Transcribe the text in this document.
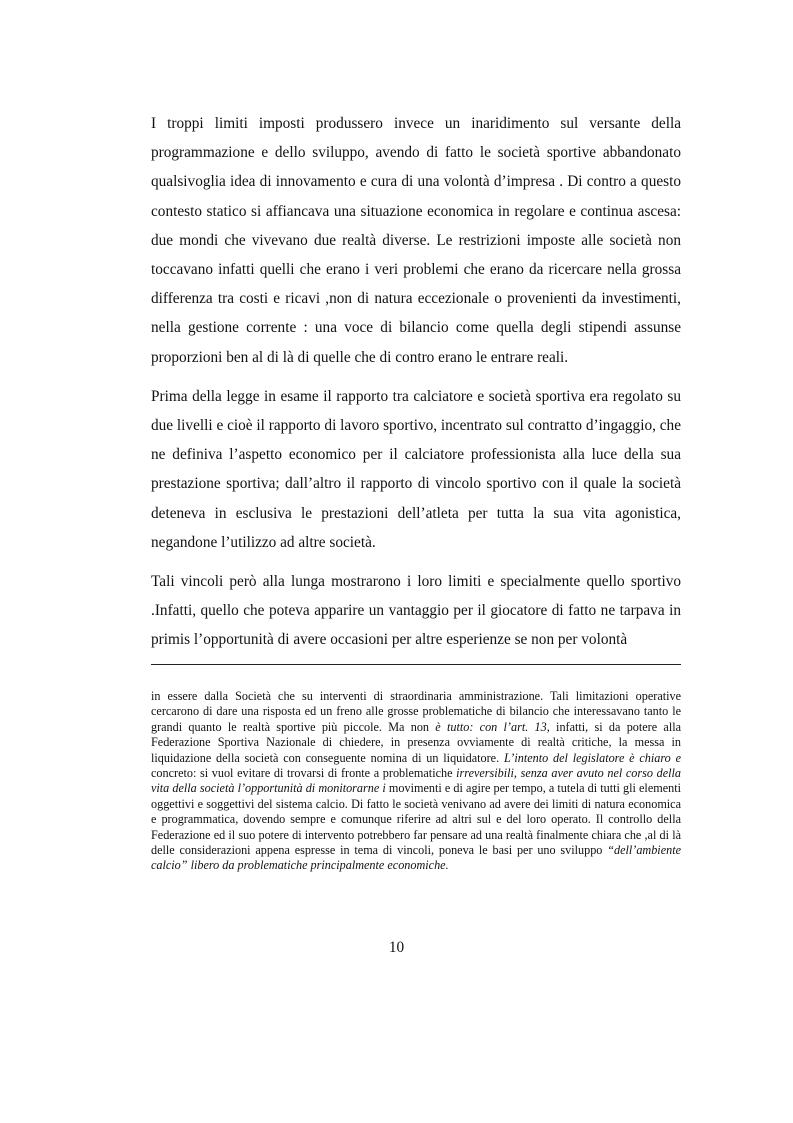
I troppi limiti imposti produssero invece un inaridimento sul versante della programmazione e dello sviluppo, avendo di fatto le società sportive abbandonato qualsivoglia idea di innovamento e cura di una volontà d’impresa . Di contro a questo contesto statico si affiancava una situazione economica in regolare e continua ascesa: due mondi che vivevano due realtà diverse. Le restrizioni imposte alle società non toccavano infatti quelli che erano i veri problemi che erano da ricercare nella grossa differenza tra costi e ricavi ,non di natura eccezionale o provenienti da investimenti, nella gestione corrente : una voce di bilancio come quella degli stipendi assunse proporzioni ben al di là di quelle che di contro erano le entrare reali.

Prima della legge in esame il rapporto tra calciatore e società sportiva era regolato su due livelli e cioè il rapporto di lavoro sportivo, incentrato sul contratto d’ingaggio, che ne definiva l’aspetto economico per il calciatore professionista alla luce della sua prestazione sportiva; dall’altro il rapporto di vincolo sportivo con il quale la società deteneva in esclusiva le prestazioni dell’atleta per tutta la sua vita agonistica, negandone l’utilizzo ad altre società.

Tali vincoli però alla lunga mostrarono i loro limiti e specialmente quello sportivo .Infatti, quello che poteva apparire un vantaggio per il giocatore di fatto ne tarpava in primis l’opportunità di avere occasioni per altre esperienze se non per volontà

in essere dalla Società che su interventi di straordinaria amministrazione. Tali limitazioni operative cercarono di dare una risposta ed un freno alle grosse problematiche di bilancio che interessavano tanto le grandi quanto le realtà sportive più piccole. Ma non è tutto: con l’art. 13, infatti, si da potere alla Federazione Sportiva Nazionale di chiedere, in presenza ovviamente di realtà critiche, la messa in liquidazione della società con conseguente nomina di un liquidatore. L’intento del legislatore è chiaro e concreto: si vuol evitare di trovarsi di fronte a problematiche irreversibili, senza aver avuto nel corso della vita della società l’opportunità di monitorarne i movimenti e di agire per tempo, a tutela di tutti gli elementi oggettivi e soggettivi del sistema calcio. Di fatto le società venivano ad avere dei limiti di natura economica e programmatica, dovendo sempre e comunque riferire ad altri sul e del loro operato. Il controllo della Federazione ed il suo potere di intervento potrebbero far pensare ad una realtà finalmente chiara che ,al di là delle considerazioni appena espresse in tema di vincoli, poneva le basi per uno sviluppo “dell’ambiente calcio” libero da problematiche principalmente economiche.

10
